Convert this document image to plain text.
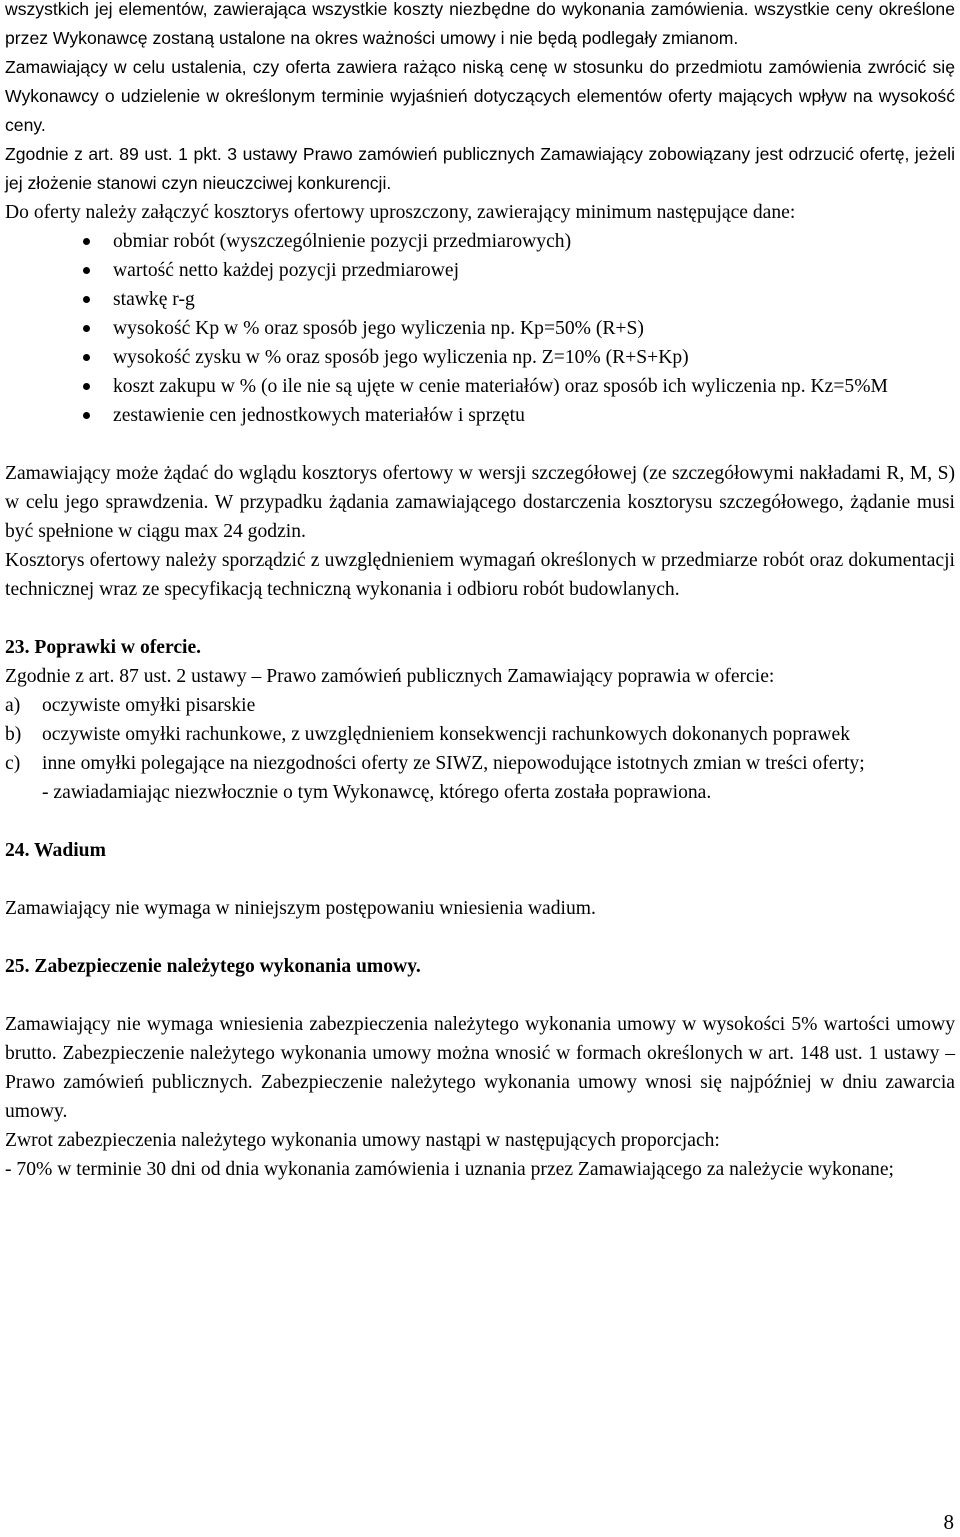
wszystkich jej elementów, zawierająca wszystkie koszty niezbędne do wykonania zamówienia. wszystkie ceny określone przez Wykonawcę zostaną ustalone na okres ważności umowy i nie będą podlegały zmianom.

Zamawiający w celu ustalenia, czy oferta zawiera rażąco niską cenę w stosunku do przedmiotu zamówienia zwrócić się Wykonawcy o udzielenie w określonym terminie wyjaśnień dotyczących elementów oferty mających wpływ na wysokość ceny.

Zgodnie z art. 89 ust. 1 pkt. 3 ustawy Prawo zamówień publicznych Zamawiający zobowiązany jest odrzucić ofertę, jeżeli jej złożenie stanowi czyn nieuczciwej konkurencji.

Do oferty należy załączyć kosztorys ofertowy uproszczony, zawierający minimum następujące dane:

obmiar robót (wyszczególnienie pozycji przedmiarowych)
wartość netto każdej pozycji przedmiarowej
stawkę r-g
wysokość Kp w % oraz sposób jego wyliczenia np. Kp=50% (R+S)
wysokość zysku w % oraz sposób jego wyliczenia np. Z=10% (R+S+Kp)
koszt zakupu w % (o ile nie są ujęte w cenie materiałów) oraz sposób ich wyliczenia np. Kz=5%M
zestawienie cen jednostkowych materiałów i sprzętu

Zamawiający może żądać do wglądu kosztorys ofertowy w wersji szczegółowej (ze szczegółowymi nakładami R, M, S) w celu jego sprawdzenia. W przypadku żądania zamawiającego dostarczenia kosztorysu szczegółowego, żądanie musi być spełnione w ciągu max 24 godzin.

Kosztorys ofertowy należy sporządzić z uwzględnieniem wymagań określonych w przedmiarze robót oraz dokumentacji technicznej wraz ze specyfikacją techniczną wykonania i odbioru robót budowlanych.

23. Poprawki w ofercie.

Zgodnie z art. 87 ust. 2 ustawy – Prawo zamówień publicznych Zamawiający poprawia w ofercie:

a) oczywiste omyłki pisarskie
b) oczywiste omyłki rachunkowe, z uwzględnieniem konsekwencji rachunkowych dokonanych poprawek
c) inne omyłki polegające na niezgodności oferty ze SIWZ, niepowodujące istotnych zmian w treści oferty;

- zawiadamiając niezwłocznie o tym Wykonawcę, którego oferta została poprawiona.

24. Wadium

Zamawiający nie wymaga w niniejszym postępowaniu wniesienia wadium.

25. Zabezpieczenie należytego wykonania umowy.

Zamawiający nie wymaga wniesienia zabezpieczenia należytego wykonania umowy w wysokości 5% wartości umowy brutto. Zabezpieczenie należytego wykonania umowy można wnosić w formach określonych w art. 148 ust. 1 ustawy – Prawo zamówień publicznych. Zabezpieczenie należytego wykonania umowy wnosi się najpóźniej w dniu zawarcia umowy.

Zwrot zabezpieczenia należytego wykonania umowy nastąpi w następujących proporcjach:

- 70% w terminie 30 dni od dnia wykonania zamówienia i uznania przez Zamawiającego za należycie wykonane;

8
